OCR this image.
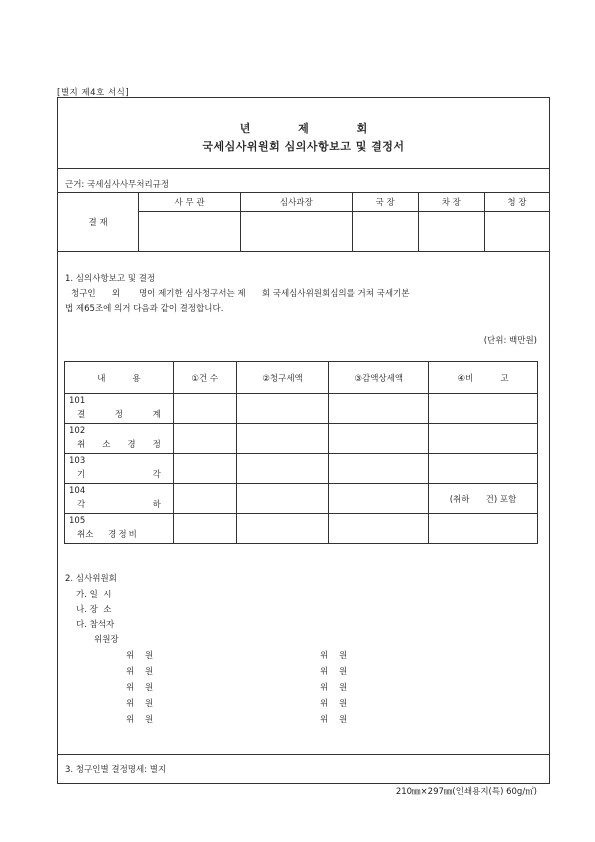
[별지 제4호 서식]
년	제	회
국세심사위원회 심의사항보고 및 결정서
근거: 국세심사사무처리규정
결 재	사 무 관	심사과장	국 장	차 장	청 장

1. 심의사항보고 및 결정
청구인      외       명이 제기한 심사청구서는 제      회 국세심사위원회심의를 거쳐 국세기본
법 제65조에 의거 다음과 같이 결정합니다.
(단위: 백만원)
내          용	①건 수	②청구세액	③감액상세액	④비          고

101
결 정 계				

102
취 소 경 정				

103
기 각				

104
각 하				(취하      건) 포함

105
취소 경정비				

2. 심사위원회
가. 일  시
나. 장  소
다. 참석자
위원장
위    원	위    원
위    원	위    원
위    원	위    원
위    원	위    원
위    원	위    원
3. 청구인별 결정명세: 별지
210㎜×297㎜(인쇄용지(특) 60g/㎡)
